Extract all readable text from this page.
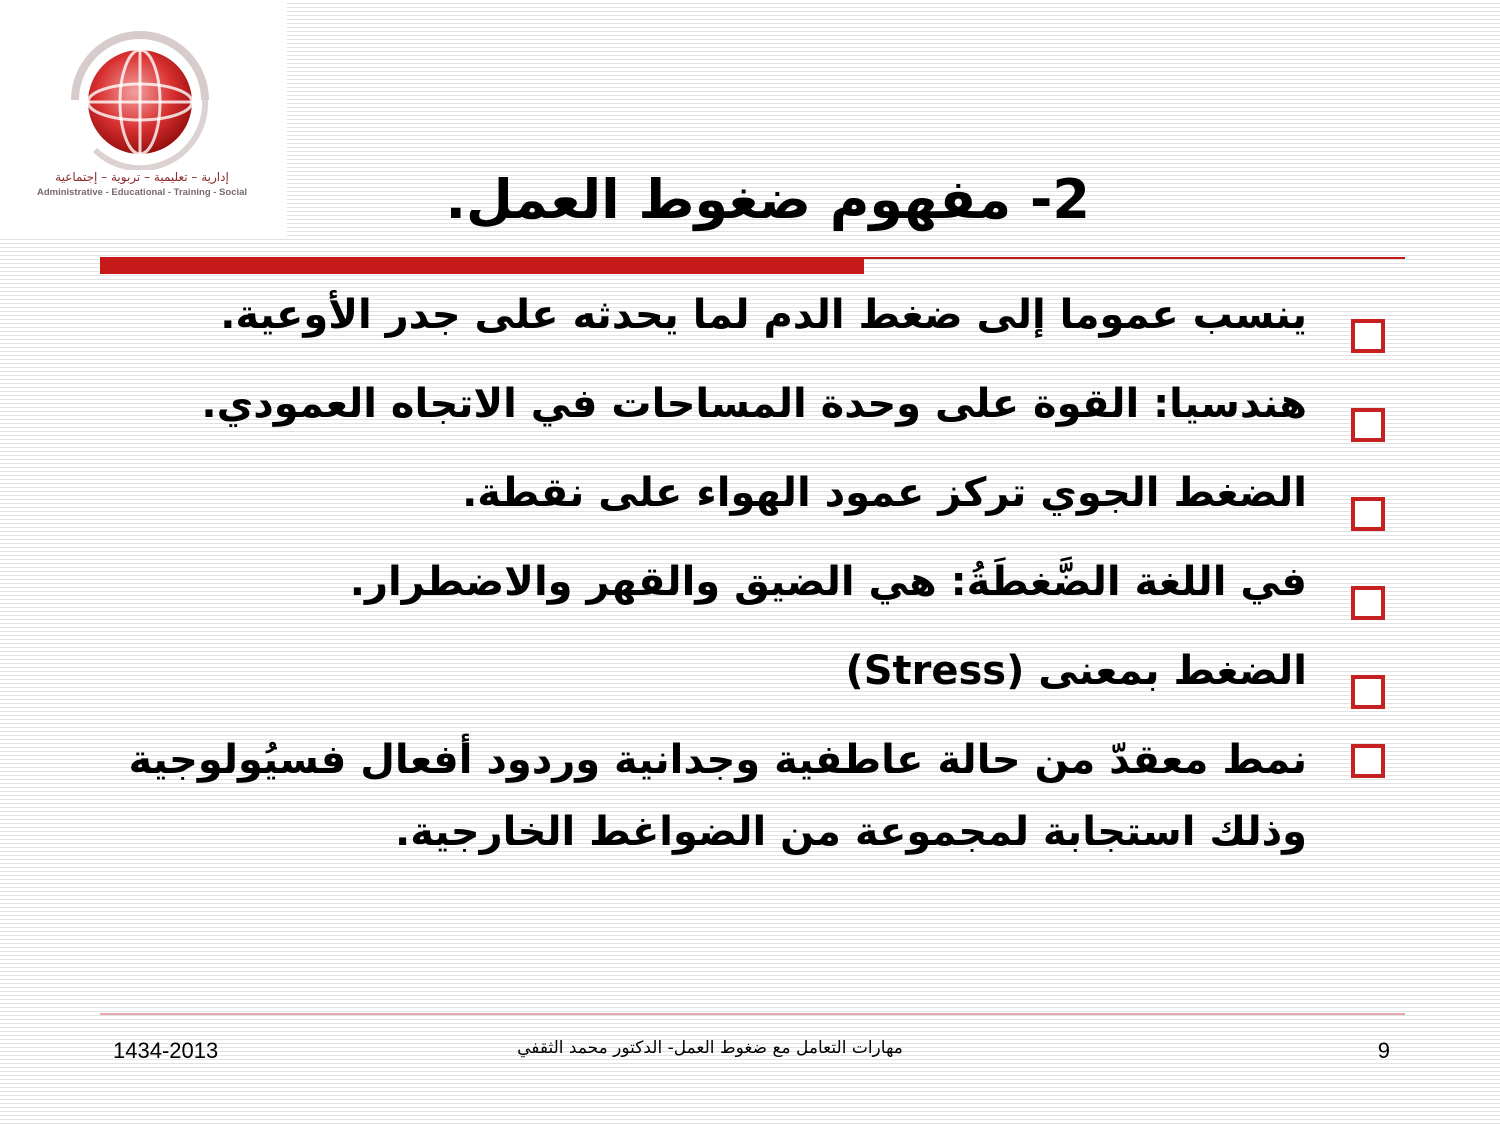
إدارية – تعليمية – تربوية – إجتماعية
Administrative - Educational - Training - Social	2- مفهوم ضغوط العمل.
ينسب عموما إلى ضغط الدم لما يحدثه على جدر الأوعية.
هندسيا: القوة على وحدة المساحات في الاتجاه العمودي.
الضغط الجوي تركز عمود الهواء على نقطة.
في اللغة الضَّغطَةُ: هي الضيق والقهر والاضطرار.
الضغط بمعنى (Stress)
نمط معقدّ من حالة عاطفية وجدانية وردود أفعال فسيُولوجية وذلك استجابة لمجموعة من الضواغط الخارجية.
1434-2013	مهارات التعامل مع ضغوط العمل- الدكتور محمد الثقفي	9
